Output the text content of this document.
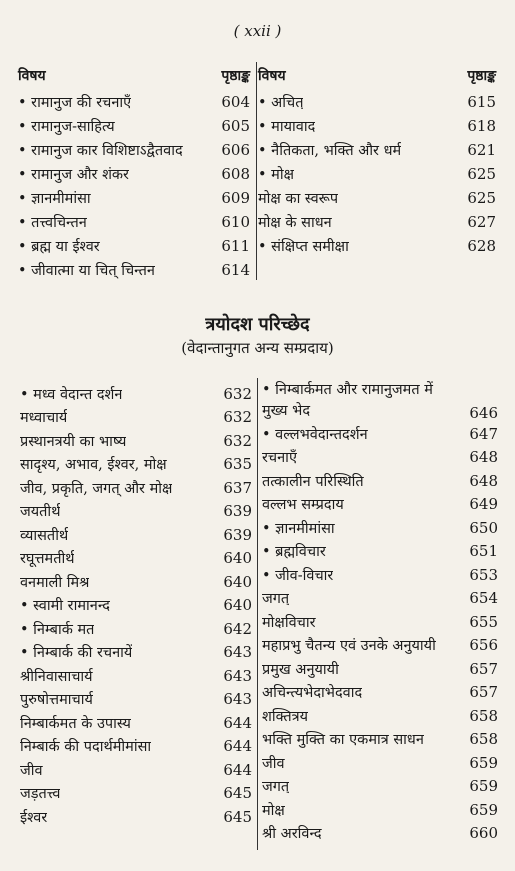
( xxii )
विषय	पृष्ठाङ्क
• रामानुज की रचनाएँ	604
• रामानुज-साहित्य	605
• रामानुज कार विशिष्टाऽद्वैतवाद	606
• रामानुज और शंकर	608
• ज्ञानमीमांसा	609
• तत्त्वचिन्तन	610
• ब्रह्म या ईश्वर	611
• जीवात्मा या चित् चिन्तन	614
विषय	पृष्ठाङ्क
• अचित्	615
• मायावाद	618
• नैतिकता, भक्ति और धर्म	621
• मोक्ष	625
मोक्ष का स्वरूप	625
मोक्ष के साधन	627
• संक्षिप्त समीक्षा	628
त्रयोदश परिच्छेद
(वेदान्तानुगत अन्य सम्प्रदाय)
• मध्व वेदान्त दर्शन	632
मध्वाचार्य	632
प्रस्थानत्रयी का भाष्य	632
सादृश्य, अभाव, ईश्वर, मोक्ष	635
जीव, प्रकृति, जगत् और मोक्ष	637
जयतीर्थ	639
व्यासतीर्थ	639
रघूत्तमतीर्थ	640
वनमाली मिश्र	640
• स्वामी रामानन्द	640
• निम्बार्क मत	642
• निम्बार्क की रचनायें	643
श्रीनिवासाचार्य	643
पुरुषोत्तमाचार्य	643
निम्बार्कमत के उपास्य	644
निम्बार्क की पदार्थमीमांसा	644
जीव	644
जड़तत्त्व	645
ईश्वर	645
• निम्बार्कमत और रामानुजमत में मुख्य भेद	646
• वल्लभवेदान्तदर्शन	647
रचनाएँ	648
तत्कालीन परिस्थिति	648
वल्लभ सम्प्रदाय	649
• ज्ञानमीमांसा	650
• ब्रह्मविचार	651
• जीव-विचार	653
जगत्	654
मोक्षविचार	655
महाप्रभु चैतन्य एवं उनके अनुयायी 656
प्रमुख अनुयायी	657
अचिन्त्यभेदाभेदवाद	657
शक्तित्रय	658
भक्ति मुक्ति का एकमात्र साधन	658
जीव	659
जगत्	659
मोक्ष	659
श्री अरविन्द	660
